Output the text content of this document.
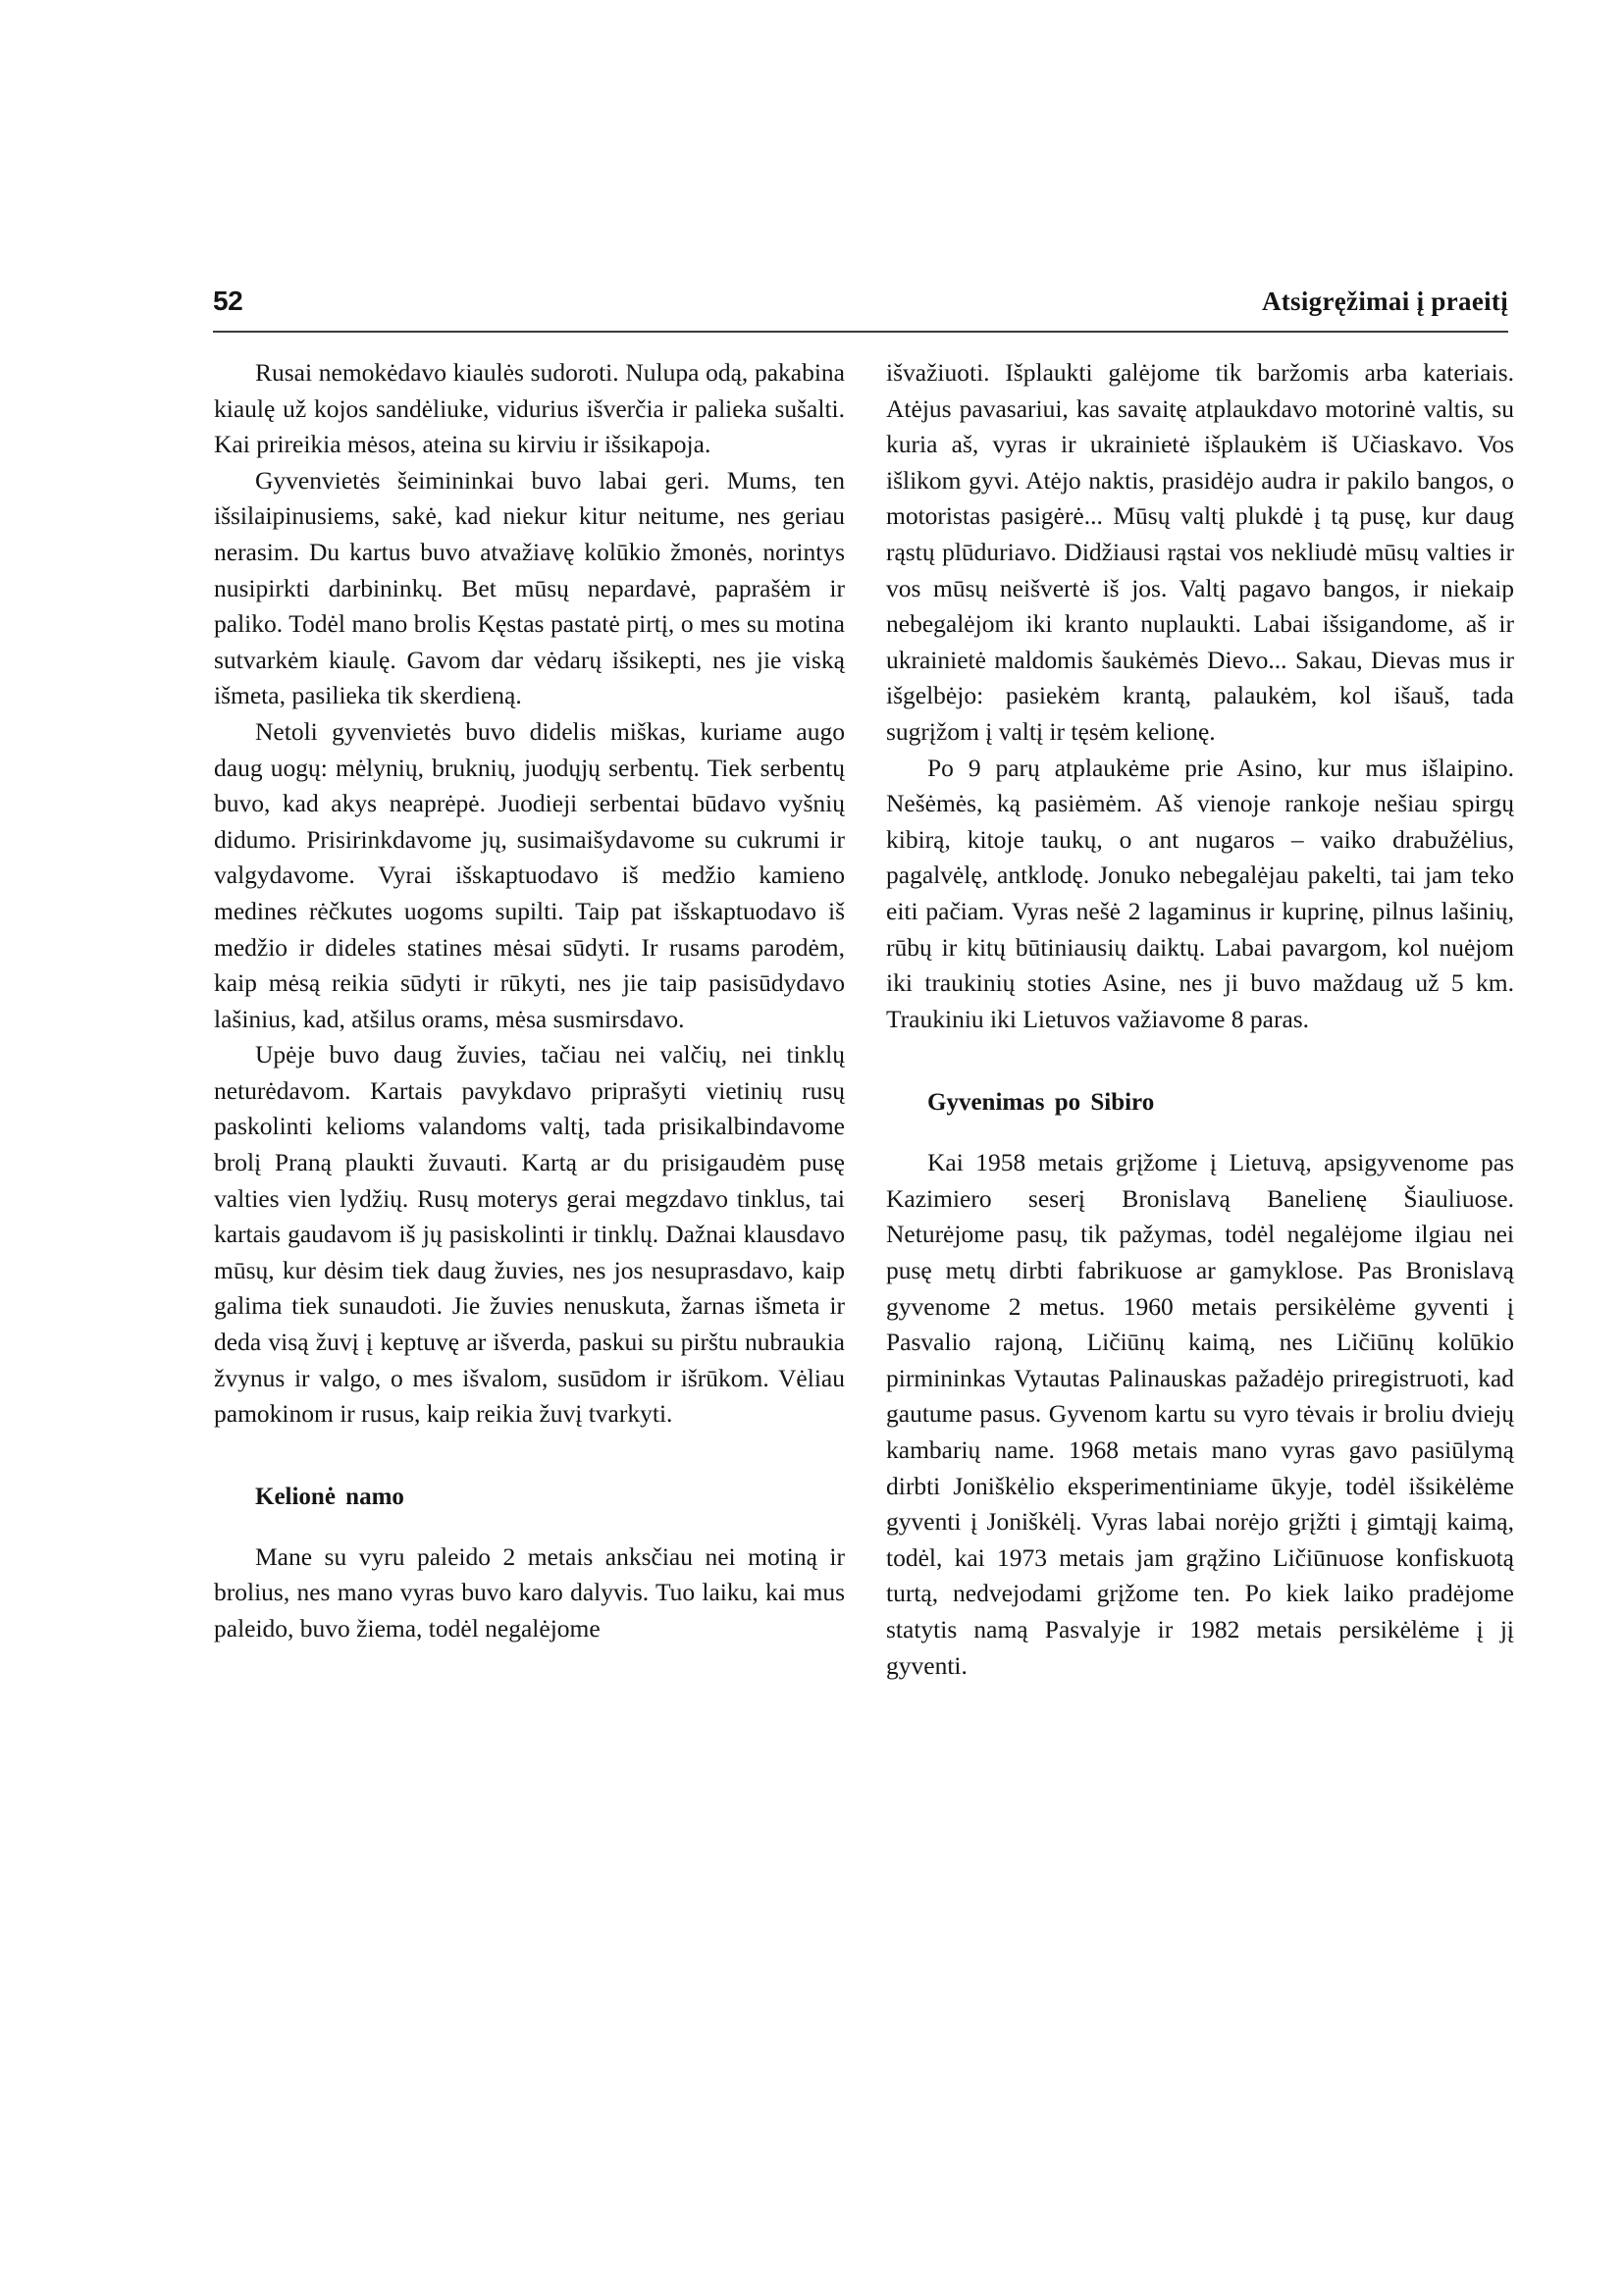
52	Atsigręžimai į praeitį

Rusai nemokėdavo kiaulės sudoroti. Nulupa odą, pakabina kiaulę už kojos sandėliuke, vidurius išverčia ir palieka sušalti. Kai prireikia mėsos, ateina su kirviu ir išsikapoja.

Gyvenvietės šeimininkai buvo labai geri. Mums, ten išsilaipinusiems, sakė, kad niekur kitur neitume, nes geriau nerasim. Du kartus buvo atvažiavę kolūkio žmonės, norintys nusipirkti darbininkų. Bet mūsų nepardavė, paprašėm ir paliko. Todėl mano brolis Kęstas pastatė pirtį, o mes su motina sutvarkėm kiaulę. Gavom dar vėdarų išsikepti, nes jie viską išmeta, pasilieka tik skerdieną.

Netoli gyvenvietės buvo didelis miškas, kuriame augo daug uogų: mėlynių, bruknių, juodųjų serbentų. Tiek serbentų buvo, kad akys neaprėpė. Juodieji serbentai būdavo vyšnių didumo. Prisirinkdavome jų, susimaišydavome su cukrumi ir valgydavome. Vyrai išskaptuodavo iš medžio kamieno medines rėčkutes uogoms supilti. Taip pat išskaptuodavo iš medžio ir dideles statines mėsai sūdyti. Ir rusams parodėm, kaip mėsą reikia sūdyti ir rūkyti, nes jie taip pasisūdydavo lašinius, kad, atšilus orams, mėsa susmirsdavo.

Upėje buvo daug žuvies, tačiau nei valčių, nei tinklų neturėdavom. Kartais pavykdavo priprašyti vietinių rusų paskolinti kelioms valandoms valtį, tada prisikalbindavome brolį Praną plaukti žuvauti. Kartą ar du prisigaudėm pusę valties vien lydžių. Rusų moterys gerai megzdavo tinklus, tai kartais gaudavom iš jų pasiskolinti ir tinklų. Dažnai klausdavo mūsų, kur dėsim tiek daug žuvies, nes jos nesuprasdavo, kaip galima tiek sunaudoti. Jie žuvies nenuskuta, žarnas išmeta ir deda visą žuvį į keptuvę ar išverda, paskui su pirštu nubraukia žvynus ir valgo, o mes išvalom, susūdom ir išrūkom. Vėliau pamokinom ir rusus, kaip reikia žuvį tvarkyti.

Kelionė namo

Mane su vyru paleido 2 metais anksčiau nei motiną ir brolius, nes mano vyras buvo karo dalyvis. Tuo laiku, kai mus paleido, buvo žiema, todėl negalėjome

išvažiuoti. Išplaukti galėjome tik baržomis arba kateriais. Atėjus pavasariui, kas savaitę atplaukdavo motorinė valtis, su kuria aš, vyras ir ukrainietė išplaukėm iš Učiaskavo. Vos išlikom gyvi. Atėjo naktis, prasidėjo audra ir pakilo bangos, o motoristas pasigėrė... Mūsų valtį plukdė į tą pusę, kur daug rąstų plūduriavo. Didžiausi rąstai vos nekliudė mūsų valties ir vos mūsų neišvertė iš jos. Valtį pagavo bangos, ir niekaip nebegalėjom iki kranto nuplaukti. Labai išsigandome, aš ir ukrainietė maldomis šaukėmės Dievo... Sakau, Dievas mus ir išgelbėjo: pasiekėm krantą, palaukėm, kol išauš, tada sugrįžom į valtį ir tęsėm kelionę.

Po 9 parų atplaukėme prie Asino, kur mus išlaipino. Nešėmės, ką pasiėmėm. Aš vienoje rankoje nešiau spirgų kibirą, kitoje taukų, o ant nugaros – vaiko drabužėlius, pagalvėlę, antklodę. Jonuko nebegalėjau pakelti, tai jam teko eiti pačiam. Vyras nešė 2 lagaminus ir kuprinę, pilnus lašinių, rūbų ir kitų būtiniausių daiktų. Labai pavargom, kol nuėjom iki traukinių stoties Asine, nes ji buvo maždaug už 5 km. Traukiniu iki Lietuvos važiavome 8 paras.

Gyvenimas po Sibiro

Kai 1958 metais grįžome į Lietuvą, apsigyvenome pas Kazimiero seserį Bronislavą Banelienę Šiauliuose. Neturėjome pasų, tik pažymas, todėl negalėjome ilgiau nei pusę metų dirbti fabrikuose ar gamyklose. Pas Bronislavą gyvenome 2 metus. 1960 metais persikėlėme gyventi į Pasvalio rajoną, Ličiūnų kaimą, nes Ličiūnų kolūkio pirmininkas Vytautas Palinauskas pažadėjo priregistruoti, kad gautume pasus. Gyvenom kartu su vyro tėvais ir broliu dviejų kambarių name. 1968 metais mano vyras gavo pasiūlymą dirbti Joniškėlio eksperimentiniame ūkyje, todėl išsikėlėme gyventi į Joniškėlį. Vyras labai norėjo grįžti į gimtąjį kaimą, todėl, kai 1973 metais jam grąžino Ličiūnuose konfiskuotą turtą, nedvejodami grįžome ten. Po kiek laiko pradėjome statytis namą Pasvalyje ir 1982 metais persikėlėme į jį gyventi.
